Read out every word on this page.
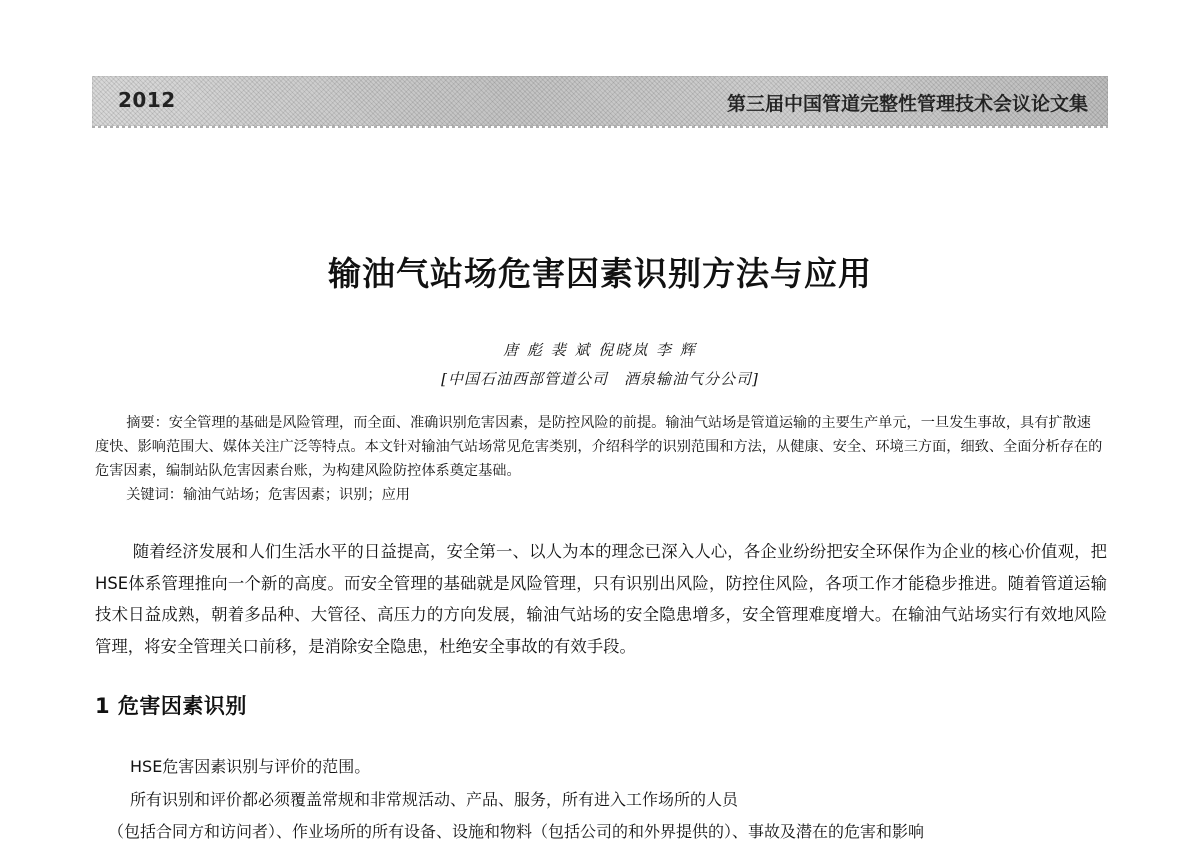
2012	第三届中国管道完整性管理技术会议论文集
输油气站场危害因素识别方法与应用
唐 彪 裴 斌 倪晓岚 李 辉
[中国石油西部管道公司　酒泉输油气分公司]
摘要：安全管理的基础是风险管理，而全面、准确识别危害因素，是防控风险的前提。输油气站场是管道运输的主要生产单元，一旦发生事故，具有扩散速度快、影响范围大、媒体关注广泛等特点。本文针对输油气站场常见危害类别，介绍科学的识别范围和方法，从健康、安全、环境三方面，细致、全面分析存在的危害因素，编制站队危害因素台账，为构建风险防控体系奠定基础。
关键词：输油气站场；危害因素；识别；应用
随着经济发展和人们生活水平的日益提高，安全第一、以人为本的理念已深入人心，各企业纷纷把安全环保作为企业的核心价值观，把HSE体系管理推向一个新的高度。而安全管理的基础就是风险管理，只有识别出风险，防控住风险，各项工作才能稳步推进。随着管道运输技术日益成熟，朝着多品种、大管径、高压力的方向发展，输油气站场的安全隐患增多，安全管理难度增大。在输油气站场实行有效地风险管理，将安全管理关口前移，是消除安全隐患，杜绝安全事故的有效手段。
1 危害因素识别
HSE危害因素识别与评价的范围。
所有识别和评价都必须覆盖常规和非常规活动、产品、服务，所有进入工作场所的人员
（包括合同方和访问者）、作业场所的所有设备、设施和物料（包括公司的和外界提供的）、事故及潜在的危害和影响
